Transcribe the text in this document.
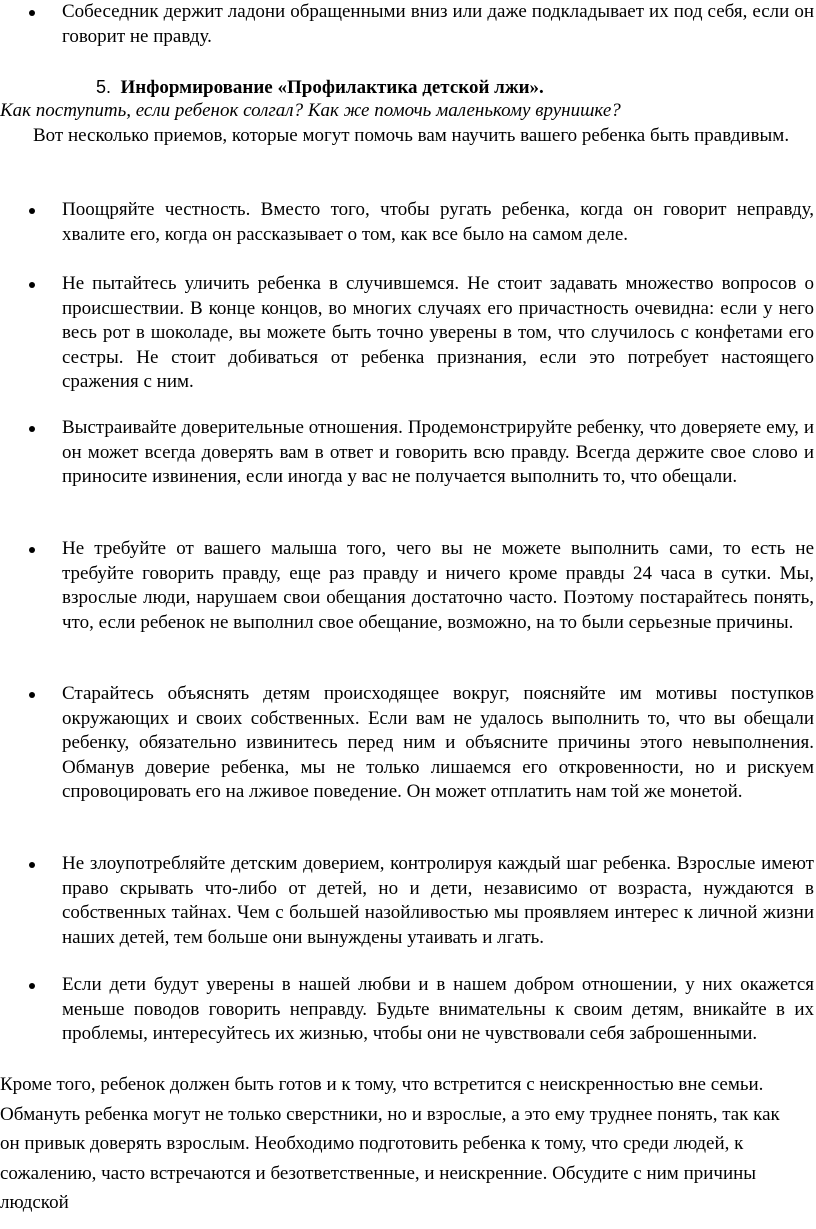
Собеседник держит ладони обращенными вниз или даже подкладывает их под себя, если он говорит не правду.
5. Информирование «Профилактика детской лжи».
Как поступить, если ребенок солгал? Как же помочь маленькому врунишке?
Вот несколько приемов, которые могут помочь вам научить вашего ребенка быть правдивым.
Поощряйте честность. Вместо того, чтобы ругать ребенка, когда он говорит неправду, хвалите его, когда он рассказывает о том, как все было на самом деле.
Не пытайтесь уличить ребенка в случившемся. Не стоит задавать множество вопросов о происшествии. В конце концов, во многих случаях его причастность очевидна: если у него весь рот в шоколаде, вы можете быть точно уверены в том, что случилось с конфетами его сестры. Не стоит добиваться от ребенка признания, если это потребует настоящего сражения с ним.
Выстраивайте доверительные отношения. Продемонстрируйте ребенку, что доверяете ему, и он может всегда доверять вам в ответ и говорить всю правду. Всегда держите свое слово и приносите извинения, если иногда у вас не получается выполнить то, что обещали.
Не требуйте от вашего малыша того, чего вы не можете выполнить сами, то есть не требуйте говорить правду, еще раз правду и ничего кроме правды 24 часа в сутки. Мы, взрослые люди, нарушаем свои обещания достаточно часто. Поэтому постарайтесь понять, что, если ребенок не выполнил свое обещание, возможно, на то были серьезные причины.
Старайтесь объяснять детям происходящее вокруг, поясняйте им мотивы поступков окружающих и своих собственных. Если вам не удалось выполнить то, что вы обещали ребенку, обязательно извинитесь перед ним и объясните причины этого невыполнения. Обманув доверие ребенка, мы не только лишаемся его откровенности, но и рискуем спровоцировать его на лживое поведение. Он может отплатить нам той же монетой.
Не злоупотребляйте детским доверием, контролируя каждый шаг ребенка. Взрослые имеют право скрывать что-либо от детей, но и дети, независимо от возраста, нуждаются в собственных тайнах. Чем с большей назойливостью мы проявляем интерес к личной жизни наших детей, тем больше они вынуждены утаивать и лгать.
Если дети будут уверены в нашей любви и в нашем добром отношении, у них окажется меньше поводов говорить неправду. Будьте внимательны к своим детям, вникайте в их проблемы, интересуйтесь их жизнью, чтобы они не чувствовали себя заброшенными.
Кроме того, ребенок должен быть готов и к тому, что встретится с неискренностью вне семьи. Обмануть ребенка могут не только сверстники, но и взрослые, а это ему труднее понять, так как он привык доверять взрослым. Необходимо подготовить ребенка к тому, что среди людей, к сожалению, часто встречаются и безответственные, и неискренние. Обсудите с ним причины людской
